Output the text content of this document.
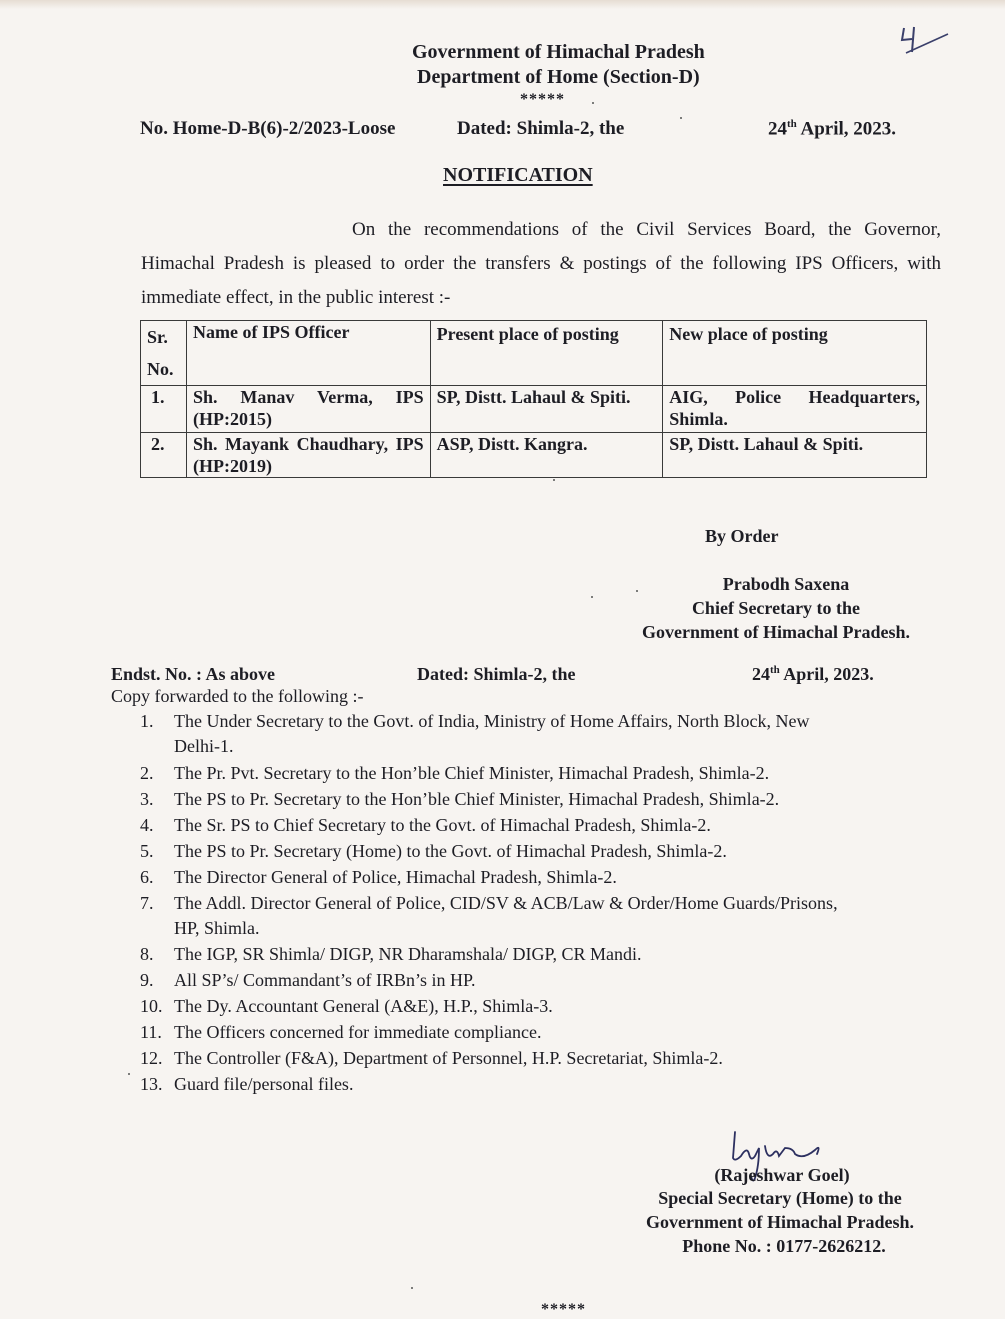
Government of Himachal Pradesh
Department of Home (Section-D)
*****
No. Home-D-B(6)-2/2023-Loose	Dated: Shimla-2, the	24th April, 2023.
NOTIFICATION
On the recommendations of the Civil Services Board, the Governor, Himachal Pradesh is pleased to order the transfers & postings of the following IPS Officers, with immediate effect, in the public interest :-
Sr. No.	Name of IPS Officer	Present place of posting	New place of posting
1.	Sh. Manav Verma, IPS (HP:2015)	SP, Distt. Lahaul & Spiti.	AIG, Police Headquarters, Shimla.
2.	Sh. Mayank Chaudhary, IPS (HP:2019)	ASP, Distt. Kangra.	SP, Distt. Lahaul & Spiti.
By Order
Prabodh Saxena
Chief Secretary to the
Government of Himachal Pradesh.
Endst. No. : As above	Dated: Shimla-2, the	24th April, 2023.
Copy forwarded to the following :-
1.	The Under Secretary to the Govt. of India, Ministry of Home Affairs, North Block, New
Delhi-1.
2.	The Pr. Pvt. Secretary to the Hon’ble Chief Minister, Himachal Pradesh, Shimla-2.
3.	The PS to Pr. Secretary to the Hon’ble Chief Minister, Himachal Pradesh, Shimla-2.
4.	The Sr. PS to Chief Secretary to the Govt. of Himachal Pradesh, Shimla-2.
5.	The PS to Pr. Secretary (Home) to the Govt. of Himachal Pradesh, Shimla-2.
6.	The Director General of Police, Himachal Pradesh, Shimla-2.
7.	The Addl. Director General of Police, CID/SV & ACB/Law & Order/Home Guards/Prisons,
HP, Shimla.
8.	The IGP, SR Shimla/ DIGP, NR Dharamshala/ DIGP, CR Mandi.
9.	All SP’s/ Commandant’s of IRBn’s in HP.
10. The Dy. Accountant General (A&E), H.P., Shimla-3.
11. The Officers concerned for immediate compliance.
12. The Controller (F&A), Department of Personnel, H.P. Secretariat, Shimla-2.
13. Guard file/personal files.
(Rajeshwar Goel)
Special Secretary (Home) to the
Government of Himachal Pradesh.
Phone No. : 0177-2626212.
*****
